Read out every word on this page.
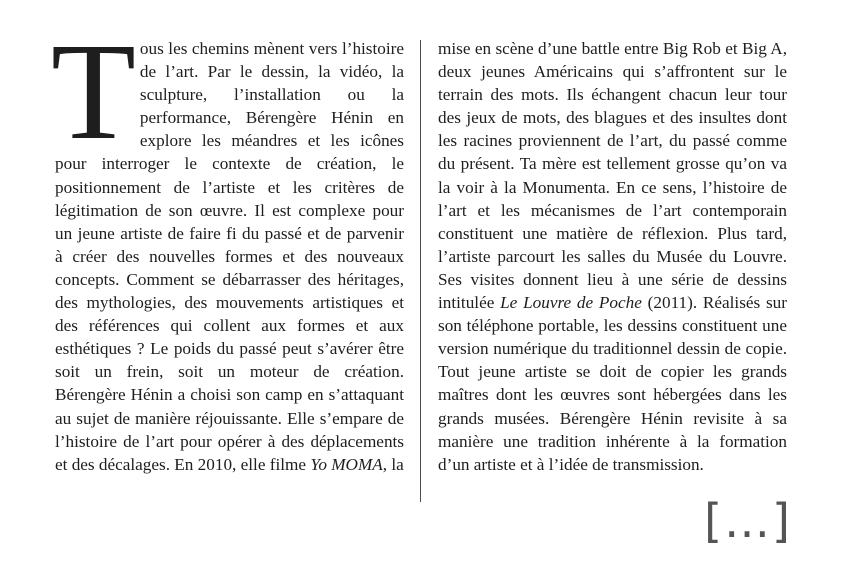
Tous les chemins mènent vers l’histoire de l’art. Par le dessin, la vidéo, la sculpture, l’installation ou la performance, Bérengère Hénin en explore les méandres et les icônes pour interroger le contexte de création, le positionnement de l’artiste et les critères de légitimation de son œuvre. Il est complexe pour un jeune artiste de faire fi du passé et de parvenir à créer des nouvelles formes et des nouveaux concepts. Comment se débarrasser des héritages, des mythologies, des mouvements artistiques et des références qui collent aux formes et aux esthétiques ? Le poids du passé peut s’avérer être soit un frein, soit un moteur de création. Bérengère Hénin a choisi son camp en s’attaquant au sujet de manière réjouissante. Elle s’empare de l’histoire de l’art pour opérer à des déplacements et des décalages. En 2010, elle filme Yo MOMA, la

mise en scène d’une battle entre Big Rob et Big A, deux jeunes Américains qui s’affrontent sur le terrain des mots. Ils échangent chacun leur tour des jeux de mots, des blagues et des insultes dont les racines proviennent de l’art, du passé comme du présent. Ta mère est tellement grosse qu’on va la voir à la Monumenta. En ce sens, l’histoire de l’art et les mécanismes de l’art contemporain constituent une matière de réflexion. Plus tard, l’artiste parcourt les salles du Musée du Louvre. Ses visites donnent lieu à une série de dessins intitulée Le Louvre de Poche (2011). Réalisés sur son téléphone portable, les dessins constituent une version numérique du traditionnel dessin de copie. Tout jeune artiste se doit de copier les grands maîtres dont les œuvres sont hébergées dans les grands musées. Bérengère Hénin revisite à sa manière une tradition inhérente à la formation d’un artiste et à l’idée de transmission.

[…]
